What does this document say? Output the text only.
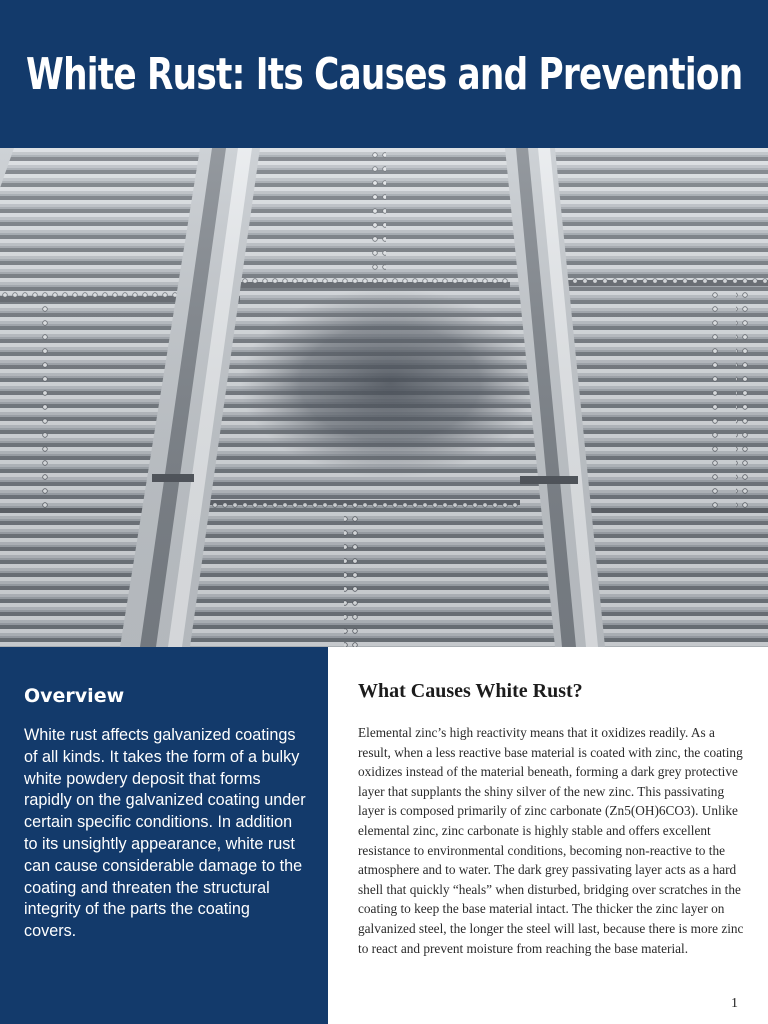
White Rust: Its Causes and Prevention
Overview

White rust affects galvanized coatings of all kinds. It takes the form of a bulky white powdery deposit that forms rapidly on the galvanized coating under certain specific conditions. In addition to its unsightly appearance, white rust can cause considerable damage to the coating and threaten the structural integrity of the parts the coating covers.

What Causes White Rust?

Elemental zinc’s high reactivity means that it oxidizes readily. As a result, when a less reactive base material is coated with zinc, the coating oxidizes instead of the material beneath, forming a dark grey protective layer that supplants the shiny silver of the new zinc. This passivating layer is composed primarily of zinc carbonate (Zn5(OH)6CO3). Unlike elemental zinc, zinc carbonate is highly stable and offers excellent resistance to environmental conditions, becoming non-reactive to the atmosphere and to water. The dark grey passivating layer acts as a hard shell that quickly “heals” when disturbed, bridging over scratches in the coating to keep the base material intact. The thicker the zinc layer on galvanized steel, the longer the steel will last, because there is more zinc to react and prevent moisture from reaching the base material.

1
